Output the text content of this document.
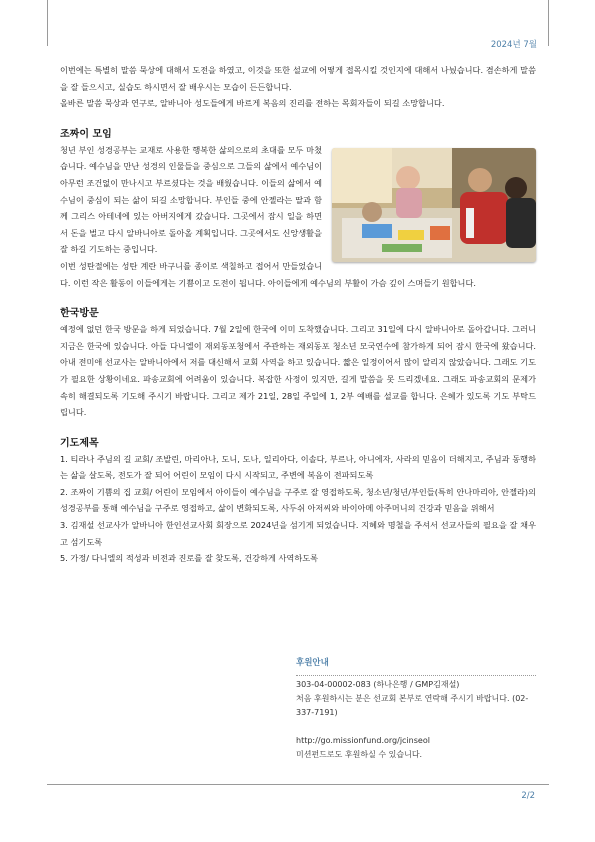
2024년 7월

이번에는 특별히 말씀 묵상에 대해서 도전을 하였고, 이것을 또한 설교에 어떻게 접목시킬 것인지에 대해서 나눴습니다. 겸손하게 말씀을 잘 들으시고, 실습도 하시면서 잘 배우시는 모습이 든든합니다.

올바른 말씀 묵상과 연구로, 알바니아 성도들에게 바르게 복음의 진리를 전하는 목회자들이 되길 소망합니다.

조짜이 모임

청년 부인 성경공부는 교재로 사용한 행복한 삶의으로의 초대를 모두 마쳤습니다. 예수님을 만난 성경의 인물들을 중심으로 그들의 삶에서 예수님이 아무런 조건없이 만나시고 부르셨다는 것을 배웠습니다. 이들의 삶에서 예수님이 중심이 되는 삶이 되길 소망합니다. 부인들 중에 안젤라는 딸과 함께 그리스 아테네에 있는 아버지에게 갔습니다. 그곳에서 잠시 일을 하면서 돈을 벌고 다시 알바니아로 돌아올 계획입니다. 그곳에서도 신앙생활을 잘 하길 기도하는 중입니다.

이번 성탄절에는 성탄 계란 바구니를 종이로 색칠하고 접어서 만들었습니다. 이런 작은 활동이 이들에게는 기쁨이고 도전이 됩니다. 아이들에게 예수님의 부활이 가슴 깊이 스며들기 원합니다.

한국방문

예정에 없던 한국 방문을 하게 되었습니다. 7월 2일에 한국에 이미 도착했습니다. 그리고 31일에 다시 알바니아로 돌아갑니다. 그러니 지금은 한국에 있습니다. 아들 다니엘이 재외동포청에서 주관하는 재외동포 청소년 모국연수에 참가하게 되어 잠시 한국에 왔습니다. 아내 전미애 선교사는 알바니아에서 저를 대신해서 교회 사역을 하고 있습니다. 짧은 일정이어서 많이 알리지 않았습니다. 그래도 기도가 필요한 상황이네요. 파송교회에 어려움이 있습니다. 복잡한 사정이 있지만, 길게 말씀을 못 드리겠네요. 그래도 파송교회의 문제가 속히 해결되도록 기도해 주시기 바랍니다. 그리고 제가 21일, 28일 주일에 1, 2부 예배를 설교를 합니다. 은혜가 있도록 기도 부탁드립니다.

기도제목

1. 티라나 주님의 길 교회/ 조발린, 마리아나, 도니, 도나, 일리아다, 이솔다, 부르나, 아니에자, 사라의 믿음이 더해지고, 주님과 동행하는 삶을 살도록, 전도가 잘 되어 어린이 모임이 다시 시작되고, 주변에 복음이 전파되도록

2. 조짜이 기쁨의 집 교회/ 어린이 모임에서 아이들이 예수님을 구주로 잘 영접하도록, 청소년/청년/부인들(특히 안나마리아, 안젤라)의 성경공부를 통해 예수님을 구주로 영접하고, 삶이 변화되도록, 사두쉬 아저씨와 바이아메 아주머니의 건강과 믿음을 위해서

3. 김재설 선교사가 알바니아 한인선교사회 회장으로 2024년을 섬기게 되었습니다. 지혜와 명철을 주셔서 선교사들의 필요을 잘 채우고 섬기도록

5. 가정/ 다니엘의 적성과 비전과 진로를 잘 찾도록, 건강하게 사역하도록

후원안내

303-04-00002-083 (하나은행 / GMP김재설)

처음 후원하시는 분은 선교회 본부로 연락해 주시기 바랍니다. (02-337-7191)

http://go.missionfund.org/jcinseol

미션펀드로도 후원하실 수 있습니다.

2/2
